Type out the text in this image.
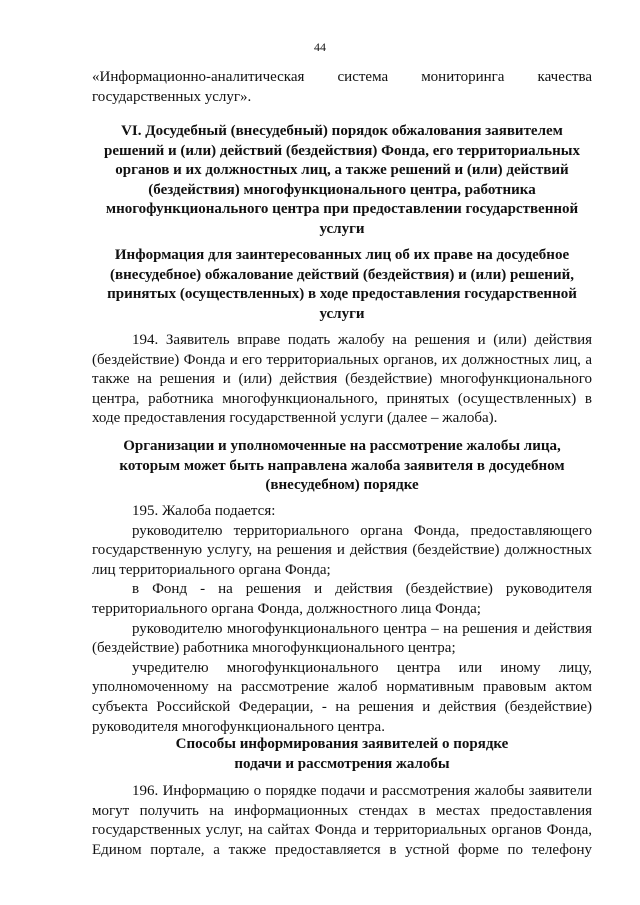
44

«Информационно-аналитическая система мониторинга качества государственных услуг».

VI. Досудебный (внесудебный) порядок обжалования заявителем решений и (или) действий (бездействия) Фонда, его территориальных органов и их должностных лиц, а также решений и (или) действий (бездействия) многофункционального центра, работника многофункционального центра при предоставлении государственной услуги

Информация для заинтересованных лиц об их праве на досудебное (внесудебное) обжалование действий (бездействия) и (или) решений, принятых (осуществленных) в ходе предоставления государственной услуги

194. Заявитель вправе подать жалобу на решения и (или) действия (бездействие) Фонда и его территориальных органов, их должностных лиц, а также на решения и (или) действия (бездействие) многофункционального центра, работника многофункционального, принятых (осуществленных) в ходе предоставления государственной услуги (далее – жалоба).

Организации и уполномоченные на рассмотрение жалобы лица, которым может быть направлена жалоба заявителя в досудебном (внесудебном) порядке

195. Жалоба подается:

руководителю территориального органа Фонда, предоставляющего государственную услугу, на решения и действия (бездействие) должностных лиц территориального органа Фонда;

в Фонд - на решения и действия (бездействие) руководителя территориального органа Фонда, должностного лица Фонда;

руководителю многофункционального центра – на решения и действия (бездействие) работника многофункционального центра;

учредителю многофункционального центра или иному лицу, уполномоченному на рассмотрение жалоб нормативным правовым актом субъекта Российской Федерации, - на решения и действия (бездействие) руководителя многофункционального центра.

Способы информирования заявителей о порядке подачи и рассмотрения жалобы

196. Информацию о порядке подачи и рассмотрения жалобы заявители могут получить на информационных стендах в местах предоставления государственных услуг, на сайтах Фонда и территориальных органов Фонда, Едином портале, а также предоставляется в устной форме по телефону
